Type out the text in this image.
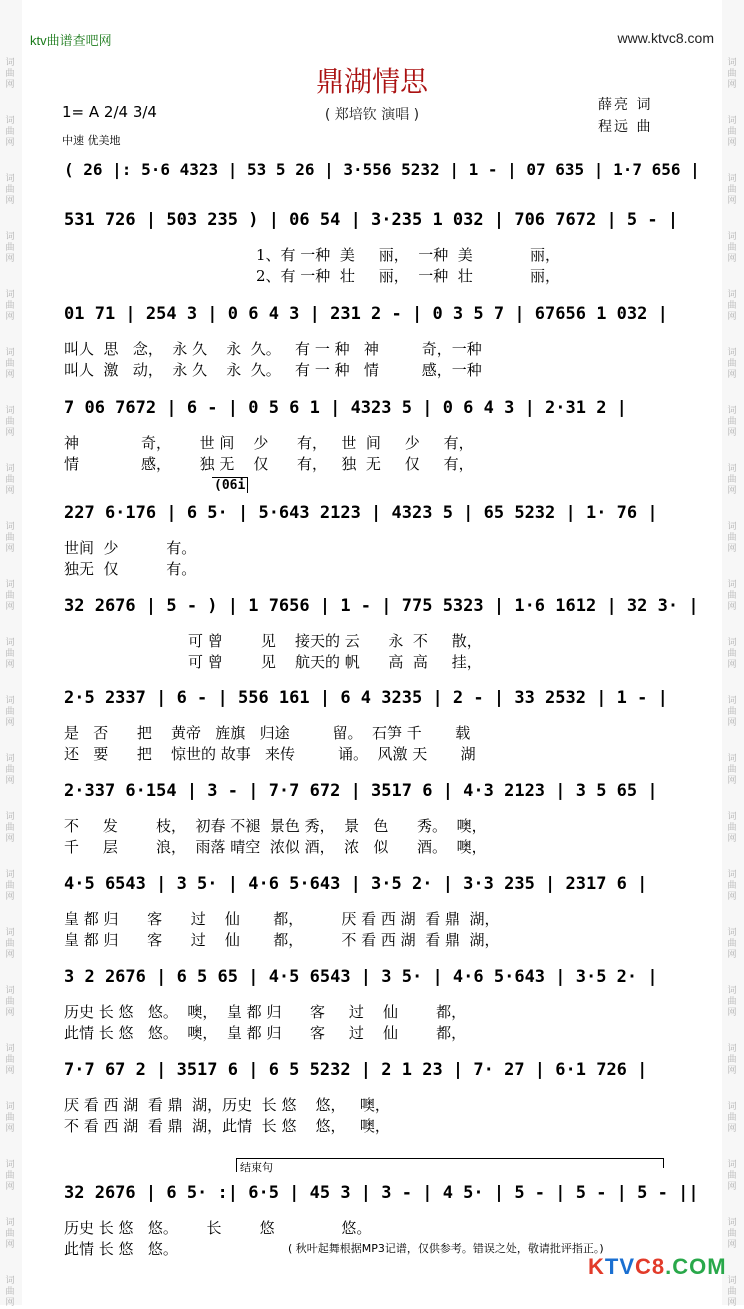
词曲网
词曲网
词曲网
词曲网
词曲网
词曲网
词曲网
词曲网
词曲网
词曲网
词曲网
词曲网
词曲网
词曲网
词曲网
词曲网
词曲网
词曲网
词曲网
词曲网
词曲网
词曲网
词曲网
词曲网
词曲网
词曲网
词曲网
词曲网
词曲网
词曲网
词曲网
词曲网
词曲网
词曲网
词曲网
词曲网
词曲网
词曲网
词曲网
词曲网
词曲网
词曲网
词曲网
词曲网
ktv曲谱查吧网	www.ktvc8.com
鼎湖情思
( 郑培钦 演唱 )
1= A 2/4 3/4
中速 优美地
薛亮 词
程远 曲
( 26 |: 5·6 4323 | 53 5 26 | 3·556 5232 | 1 - | 07 635 | 1·7 656 |
531 726 | 503 235 ) | 06 54 | 3·235 1 032 | 706 7672 | 5 - |
1、有 一种  美     丽，  一种  美            丽，
2、有 一种  壮     丽，  一种  壮            丽，
01 71 | 254 3 | 0 6 4 3 | 231 2 - | 0 3 5 7 | 67656 1 032 |
叫人  思   念，  永 久    永  久。   有 一 种   神         奇，一种
叫人  激   动，  永 久    永  久。   有 一 种   情         感，一种
7 06 7672 | 6 - | 0 5 6 1 | 4323 5 | 0 6 4 3 | 2·31 2 |
神             奇，      世 间    少      有，   世  间     少     有，
情             感，      独 无    仅      有，   独  无     仅     有，
227 6·176 | 6 5· | 5·643 2123 | 4323 5 | 65 5232 | 1· 76 |
世间  少          有。
独无  仅          有。
32 2676 | 5 - ) | 1 7656 | 1 - | 775 5323 | 1·6 1612 | 32 3· |
可 曾        见    接天的 云      永  不     散，
可 曾        见    航天的 帆      高  高     挂，
2·5 2337 | 6 - | 556 161 | 6 4 3235 | 2 - | 33 2532 | 1 - |
是   否      把    黄帝   旌旗   归途         留。  石笋 千       载
还   要      把    惊世的 故事   来传         诵。  风激 天       湖
2·337 6·154 | 3 - | 7·7 672 | 3517 6 | 4·3 2123 | 3 5 65 |
不     发        枝，  初春 不褪  景色 秀，  景   色      秀。  噢，
千     层        浪，  雨落 晴空  浓似 酒，  浓   似      酒。  噢，
4·5 6543 | 3 5· | 4·6 5·643 | 3·5 2· | 3·3 235 | 2317 6 |
皇 都 归      客      过    仙       都，        厌 看 西 湖  看 鼎  湖，
皇 都 归      客      过    仙       都，        不 看 西 湖  看 鼎  湖，
3 2 2676 | 6 5 65 | 4·5 6543 | 3 5· | 4·6 5·643 | 3·5 2· |
历史 长 悠   悠。  噢，  皇 都 归      客     过    仙        都，
此情 长 悠   悠。  噢，  皇 都 归      客     过    仙        都，
7·7 67 2 | 3517 6 | 6 5 5232 | 2 1 23 | 7· 27 | 6·1 726 |
厌 看 西 湖  看 鼎  湖，历史  长 悠    悠，   噢，
不 看 西 湖  看 鼎  湖，此情  长 悠    悠，   噢，
32 2676 | 6 5· :| 6·5 | 45 3 | 3 - | 4 5· | 5 - | 5 - | 5 - ||
历史 长 悠   悠。      长        悠              悠。
此情 长 悠   悠。
(06i
结束句
( 秋叶起舞根据MP3记谱，仅供参考。错误之处，敬请批评指正。)
KTVC8.COM
